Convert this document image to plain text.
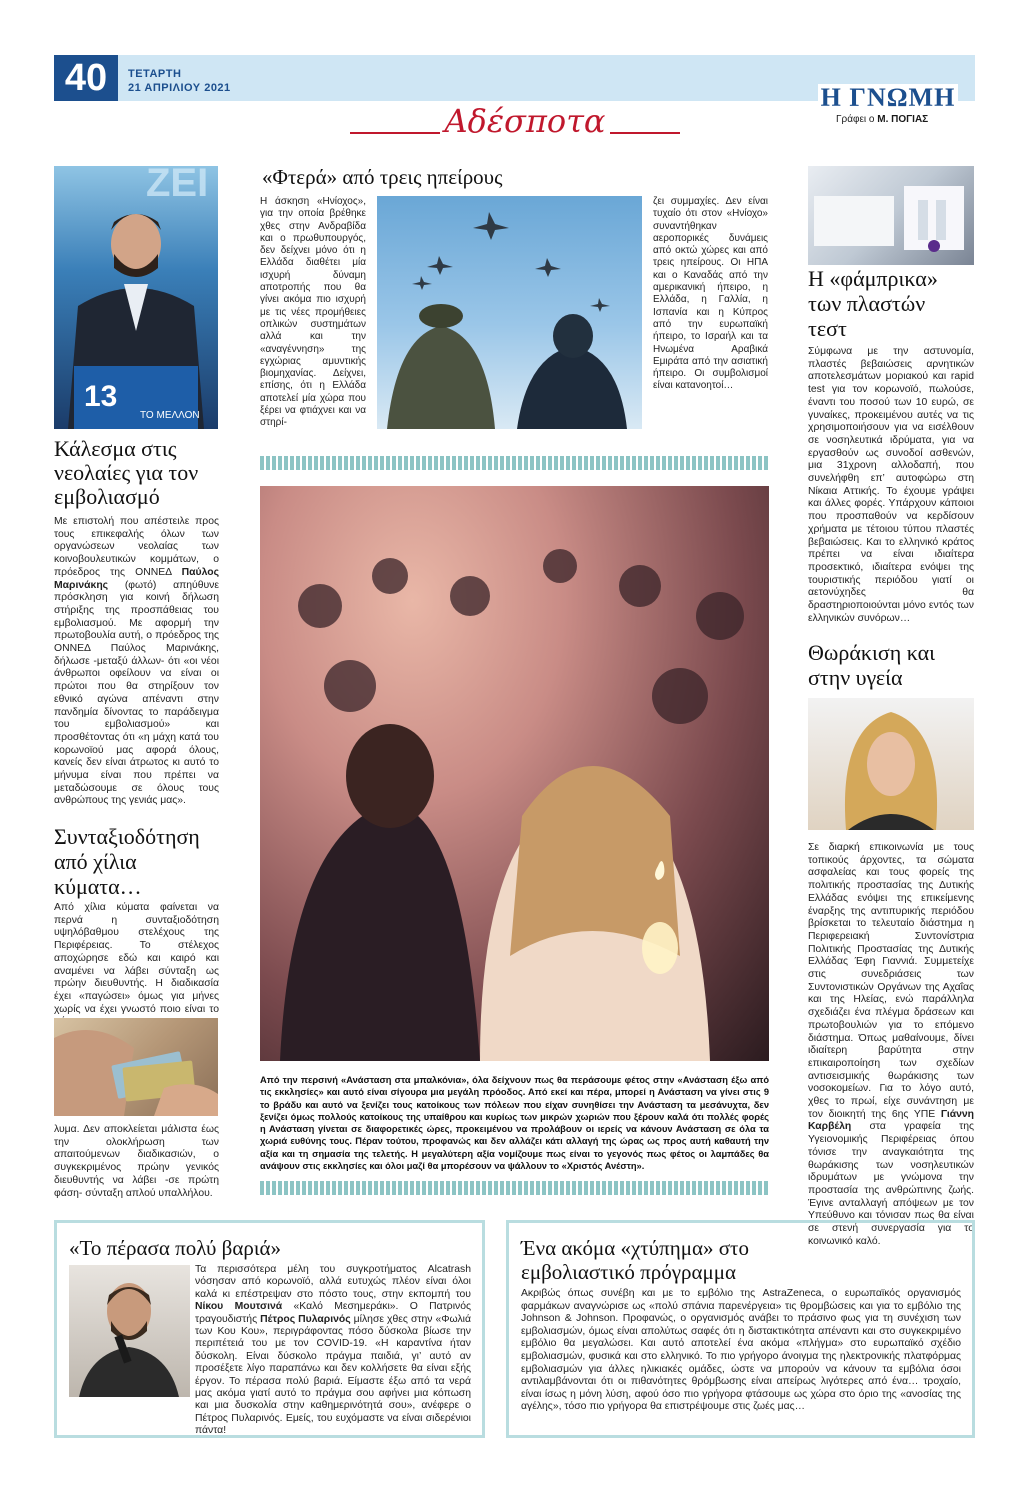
40	ΤΕΤΑΡΤΗ
21 ΑΠΡΙΛΙΟΥ 2021
Αδέσποτα
Η ΓΝΩΜΗ
Γράφει ο Μ. ΠΟΓΙΑΣ
ΖΕΙ
13
ΤΟ ΜΕΛΛΟΝ
Κάλεσμα στις νεολαίες για τον εμβολιασμό
Με επιστολή που απέστειλε προς τους επικεφαλής όλων των οργανώσεων νεολαίας των κοινοβουλευτικών κομμάτων, ο πρόεδρος της ΟΝΝΕΔ Παύλος Μαρινάκης (φωτό) απηύθυνε πρόσκληση για κοινή δήλωση στήριξης της προσπάθειας του εμβολιασμού. Με αφορμή την πρωτοβουλία αυτή, ο πρόεδρος της ΟΝΝΕΔ Παύλος Μαρινάκης, δήλωσε -μεταξύ άλλων- ότι «οι νέοι άνθρωποι οφείλουν να είναι οι πρώτοι που θα στηρίξουν τον εθνικό αγώνα απέναντι στην πανδημία δίνοντας το παράδειγμα του εμβολιασμού» και προσθέτοντας ότι «η μάχη κατά του κορωνοϊού μας αφορά όλους, κανείς δεν είναι άτρωτος κι αυτό το μήνυμα είναι που πρέπει να μεταδώσουμε σε όλους τους ανθρώπους της γενιάς μας».
Συνταξιοδότηση από χίλια κύματα…
Από χίλια κύματα φαίνεται να περνά η συνταξιοδότηση υψηλόβαθμου στελέχους της Περιφέρειας. Το στέλεχος αποχώρησε εδώ και καιρό και αναμένει να λάβει σύνταξη ως πρώην διευθυντής. Η διαδικασία έχει «παγώσει» όμως για μήνες χωρίς να έχει γνωστό ποιο είναι το
λυμα. Δεν αποκλείεται μάλιστα έως την ολοκλήρωση των απαιτούμενων διαδικασιών, ο συγκεκριμένος πρώην γενικός διευθυντής να λάβει -σε πρώτη φάση- σύνταξη απλού υπαλλήλου.
«Φτερά» από τρεις ηπείρους
Η άσκηση «Ηνίοχος», για την οποία βρέθηκε χθες στην Ανδραβίδα και ο πρωθυπουργός, δεν δείχνει μόνο ότι η Ελλάδα διαθέτει μία ισχυρή δύναμη αποτροπής που θα γίνει ακόμα πιο ισχυρή με τις νέες προμήθειες οπλικών συστημάτων αλλά και την «αναγέννηση» της εγχώριας αμυντικής βιομηχανίας. Δείχνει, επίσης, ότι η Ελλάδα αποτελεί μία χώρα που ξέρει να φτιάχνει και να στηρί-
ζει συμμαχίες. Δεν είναι τυχαίο ότι στον «Ηνίοχο» συναντήθηκαν αεροπορικές δυνάμεις από οκτώ χώρες και από τρεις ηπείρους. Οι ΗΠΑ και ο Καναδάς από την αμερικανική ήπειρο, η Ελλάδα, η Γαλλία, η Ισπανία και η Κύπρος από την ευρωπαϊκή ήπειρο, το Ισραήλ και τα Ηνωμένα Αραβικά Εμιράτα από την ασιατική ήπειρο. Οι συμβολισμοί είναι κατανοητοί…
Από την περσινή «Ανάσταση στα μπαλκόνια», όλα δείχνουν πως θα περάσουμε φέτος στην «Ανάσταση έξω από τις εκκλησίες» και αυτό είναι σίγουρα μια μεγάλη πρόοδος. Από εκεί και πέρα, μπορεί η Ανάσταση να γίνει στις 9 το βράδυ και αυτό να ξενίζει τους κατοίκους των πόλεων που είχαν συνηθίσει την Ανάσταση τα μεσάνυχτα, δεν ξενίζει όμως πολλούς κατοίκους της υπαίθρου και κυρίως των μικρών χωριών που ξέρουν καλά ότι πολλές φορές η Ανάσταση γίνεται σε διαφορετικές ώρες, προκειμένου να προλάβουν οι ιερείς να κάνουν Ανάσταση σε όλα τα χωριά ευθύνης τους. Πέραν τούτου, προφανώς και δεν αλλάζει κάτι αλλαγή της ώρας ως προς αυτή καθαυτή την αξία και τη σημασία της τελετής. Η μεγαλύτερη αξία νομίζουμε πως είναι το γεγονός πως φέτος οι λαμπάδες θα ανάψουν στις εκκλησίες και όλοι μαζί θα μπορέσουν να ψάλλουν το «Χριστός Ανέστη».
Η «φάμπρικα» των πλαστών τεστ
Σύμφωνα με την αστυνομία, πλαστές βεβαιώσεις αρνητικών αποτελεσμάτων μοριακού και rapid test για τον κορωνοϊό, πωλούσε, έναντι του ποσού των 10 ευρώ, σε γυναίκες, προκειμένου αυτές να τις χρησιμοποιήσουν για να εισέλθουν σε νοσηλευτικά ιδρύματα, για να εργασθούν ως συνοδοί ασθενών, μια 31χρονη αλλοδαπή, που συνελήφθη επ’ αυτοφώρω στη Νίκαια Αττικής. Το έχουμε γράψει και άλλες φορές. Υπάρχουν κάποιοι που προσπαθούν να κερδίσουν χρήματα με τέτοιου τύπου πλαστές βεβαιώσεις. Και το ελληνικό κράτος πρέπει να είναι ιδιαίτερα προσεκτικό, ιδιαίτερα ενόψει της τουριστικής περιόδου γιατί οι αετονύχηδες θα δραστηριοποιούνται μόνο εντός των ελληνικών συνόρων…
Θωράκιση και στην υγεία
Σε διαρκή επικοινωνία με τους τοπικούς άρχοντες, τα σώματα ασφαλείας και τους φορείς της πολιτικής προστασίας της Δυτικής Ελλάδας ενόψει της επικείμενης έναρξης της αντιπυρικής περιόδου βρίσκεται το τελευταίο διάστημα η Περιφερειακή Συντονίστρια Πολιτικής Προστασίας της Δυτικής Ελλάδας Έφη Γιαννιά. Συμμετείχε στις συνεδριάσεις των Συντονιστικών Οργάνων της Αχαΐας και της Ηλείας, ενώ παράλληλα σχεδιάζει ένα πλέγμα δράσεων και πρωτοβουλιών για το επόμενο διάστημα. Όπως μαθαίνουμε, δίνει ιδιαίτερη βαρύτητα στην επικαιροποίηση των σχεδίων αντισεισμικής θωράκισης των νοσοκομείων. Για το λόγο αυτό, χθες το πρωί, είχε συνάντηση με τον διοικητή της 6ης ΥΠΕ Γιάννη Καρβέλη στα γραφεία της Υγειονομικής Περιφέρειας όπου τόνισε την αναγκαιότητα της θωράκισης των νοσηλευτικών ιδρυμάτων με γνώμονα την προστασία της ανθρώπινης ζωής. Έγινε ανταλλαγή απόψεων με τον Υπεύθυνο και τόνισαν πως θα είναι σε στενή συνεργασία για το κοινωνικό καλό.
«Το πέρασα πολύ βαριά»
Τα περισσότερα μέλη του συγκροτήματος Alcatrash νόσησαν από κορωνοϊό, αλλά ευτυχώς πλέον είναι όλοι καλά κι επέστρεψαν στο πόστο τους, στην εκπομπή του Νίκου Μουτσινά «Καλό Μεσημεράκι». Ο Πατρινός τραγουδιστής Πέτρος Πυλαρινός μίλησε χθες στην «Φωλιά των Κου Κου», περιγράφοντας πόσο δύσκολα βίωσε την περιπέτειά του με τον COVID-19. «Η καραντίνα ήταν δύσκολη. Είναι δύσκολο πράγμα παιδιά, γι’ αυτό αν προσέξετε λίγο παραπάνω και δεν κολλήσετε θα είναι εξής έργον. Το πέρασα πολύ βαριά. Είμαστε έξω από τα νερά μας ακόμα γιατί αυτό το πράγμα σου αφήνει μια κόπωση και μια δυσκολία στην καθημερινότητά σου», ανέφερε ο Πέτρος Πυλαρινός. Εμείς, του ευχόμαστε να είναι σιδερένιοι πάντα!
Ένα ακόμα «χτύπημα» στο εμβολιαστικό πρόγραμμα
Ακριβώς όπως συνέβη και με το εμβόλιο της AstraZeneca, ο ευρωπαϊκός οργανισμός φαρμάκων αναγνώρισε ως «πολύ σπάνια παρενέργεια» τις θρομβώσεις και για το εμβόλιο της Johnson & Johnson. Προφανώς, ο οργανισμός ανάβει το πράσινο φως για τη συνέχιση των εμβολιασμών, όμως είναι απολύτως σαφές ότι η διστακτικότητα απέναντι και στο συγκεκριμένο εμβόλιο θα μεγαλώσει. Και αυτό αποτελεί ένα ακόμα «πλήγμα» στο ευρωπαϊκό σχέδιο εμβολιασμών, φυσικά και στο ελληνικό. Το πιο γρήγορο άνοιγμα της ηλεκτρονικής πλατφόρμας εμβολιασμών για άλλες ηλικιακές ομάδες, ώστε να μπορούν να κάνουν τα εμβόλια όσοι αντιλαμβάνονται ότι οι πιθανότητες θρόμβωσης είναι απείρως λιγότερες από ένα… τροχαίο, είναι ίσως η μόνη λύση, αφού όσο πιο γρήγορα φτάσουμε ως χώρα στο όριο της «ανοσίας της αγέλης», τόσο πιο γρήγορα θα επιστρέψουμε στις ζωές μας…
